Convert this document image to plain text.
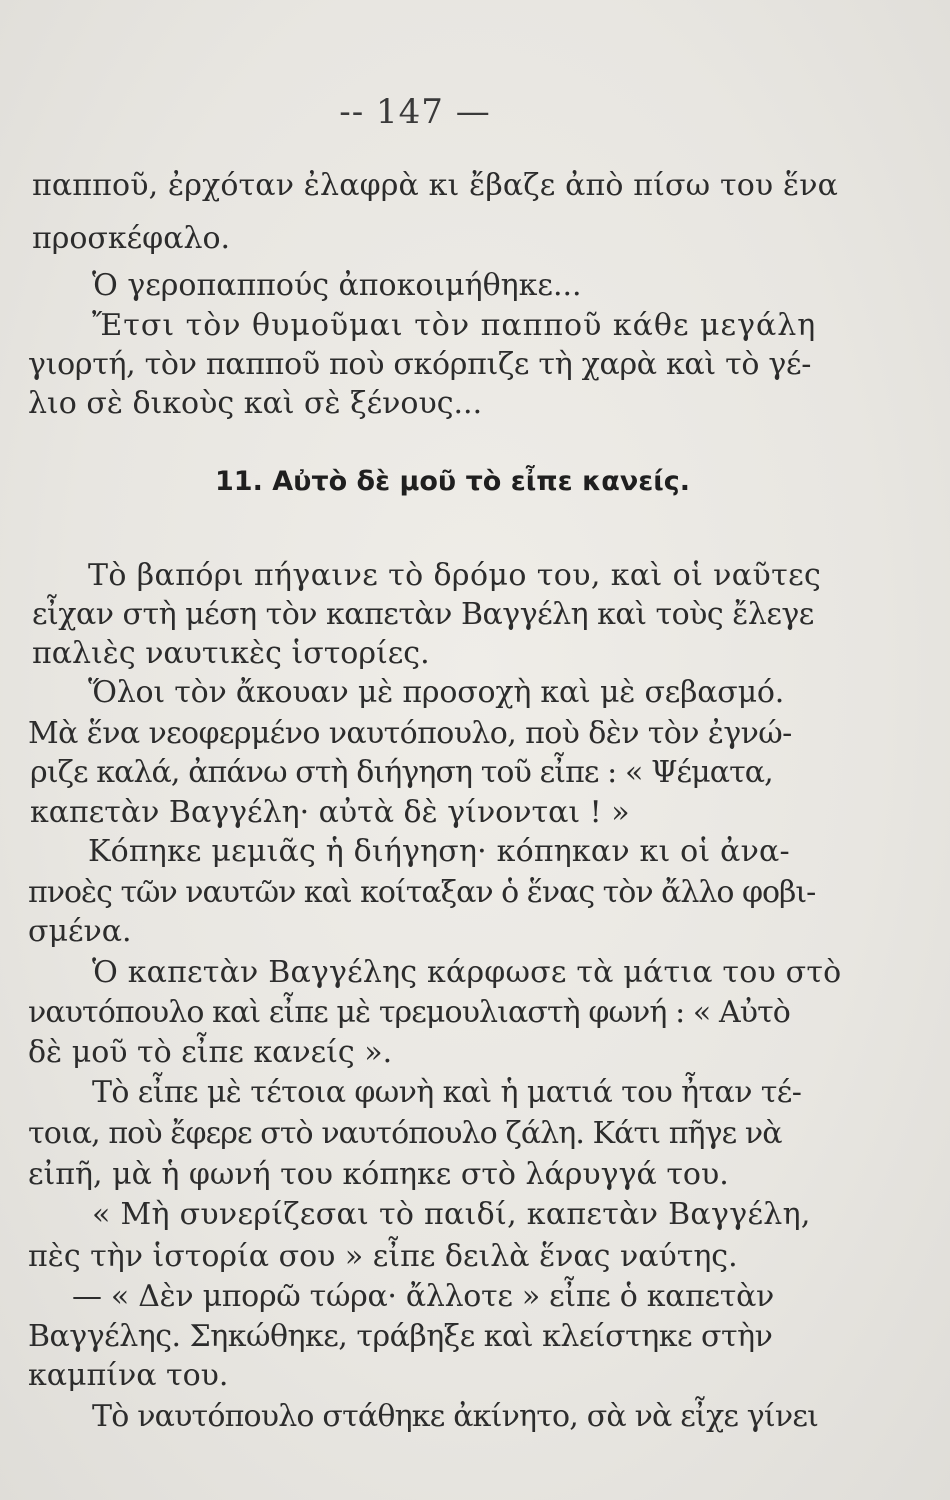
-- 147 —
παπποῦ, ἐρχόταν ἐλαφρὰ κι ἔβαζε ἀπὸ πίσω του ἕνα
προσκέφαλο.
Ὁ γεροπαππούς ἀποκοιμήθηκε...
Ἔτσι τὸν θυμοῦμαι τὸν παπποῦ κάθε μεγάλη
γιορτή, τὸν παπποῦ ποὺ σκόρπιζε τὴ χαρὰ καὶ τὸ γέ-
λιο σὲ δικοὺς καὶ σὲ ξένους...
11. Αὐτὸ δὲ μοῦ τὸ εἶπε κανείς.
Τὸ βαπόρι πήγαινε τὸ δρόμο του, καὶ οἱ ναῦτες
εἶχαν στὴ μέση τὸν καπετὰν Βαγγέλη καὶ τοὺς ἔλεγε
παλιὲς ναυτικὲς ἱστορίες.
Ὅλοι τὸν ἄκουαν μὲ προσοχὴ καὶ μὲ σεβασμό.
Μὰ ἕνα νεοφερμένο ναυτόπουλο, ποὺ δὲν τὸν ἐγνώ-
ριζε καλά, ἀπάνω στὴ διήγηση τοῦ εἶπε : « Ψέματα,
καπετὰν Βαγγέλη· αὐτὰ δὲ γίνονται ! »
Κόπηκε μεμιᾶς ἡ διήγηση· κόπηκαν κι οἱ ἀνα-
πνοὲς τῶν ναυτῶν καὶ κοίταξαν ὁ ἕνας τὸν ἄλλο φοβι-
σμένα.
Ὁ καπετὰν Βαγγέλης κάρφωσε τὰ μάτια του στὸ
ναυτόπουλο καὶ εἶπε μὲ τρεμουλιαστὴ φωνή : « Αὐτὸ
δὲ μοῦ τὸ εἶπε κανείς ».
Τὸ εἶπε μὲ τέτοια φωνὴ καὶ ἡ ματιά του ἦταν τέ-
τοια, ποὺ ἔφερε στὸ ναυτόπουλο ζάλη. Κάτι πῆγε νὰ
εἰπῆ, μὰ ἡ φωνή του κόπηκε στὸ λάρυγγά του.
« Μὴ συνερίζεσαι τὸ παιδί, καπετὰν Βαγγέλη,
πὲς τὴν ἱστορία σου » εἶπε δειλὰ ἕνας ναύτης.
— « Δὲν μπορῶ τώρα· ἄλλοτε » εἶπε ὁ καπετὰν
Βαγγέλης. Σηκώθηκε, τράβηξε καὶ κλείστηκε στὴν
καμπίνα του.
Τὸ ναυτόπουλο στάθηκε ἀκίνητο, σὰ νὰ εἶχε γίνει
